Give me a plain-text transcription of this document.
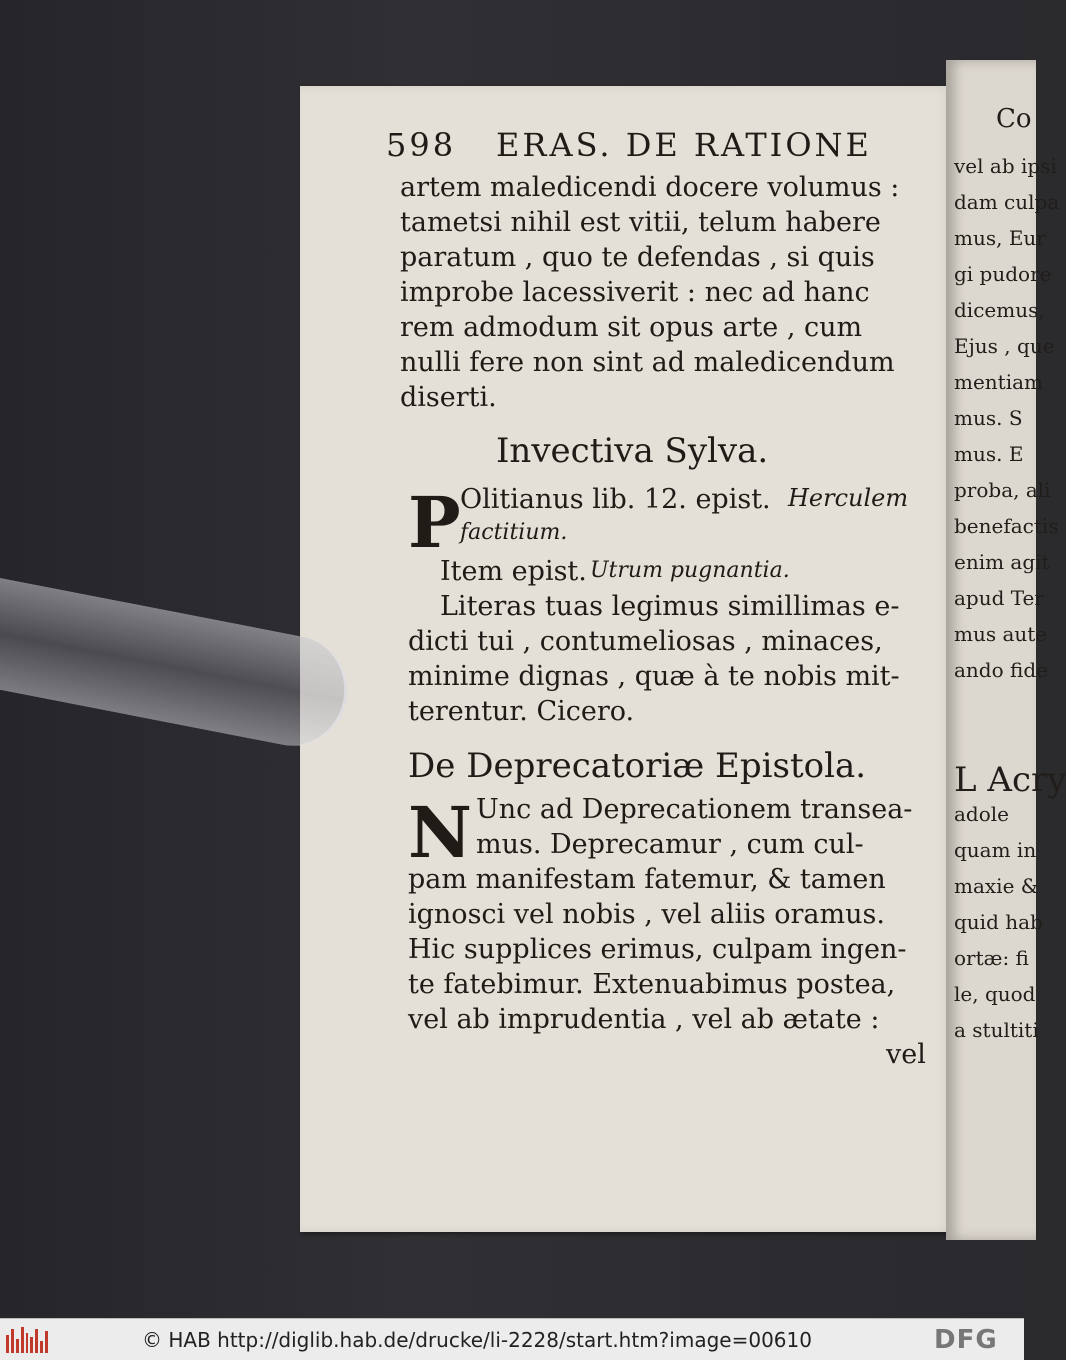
598 ERAS. DE RATIONE
artem maledicendi docere volumus :
tametsi nihil est vitii, telum habere
paratum , quo te defendas , si quis
improbe lacessiverit : nec ad hanc
rem admodum sit opus arte , cum
nulli fere non sint ad maledicendum
diserti.
Invectiva Sylva.
P Olitianus lib. 12. epist. Herculem
factitium.
Item epist. Utrum pugnantia.
Literas tuas legimus simillimas e-
dicti tui , contumeliosas , minaces,
minime dignas , quæ à te nobis mit-
terentur. Cicero.
De Deprecatoriæ Epistola.
N Unc ad Deprecationem transea-
mus. Deprecamur , cum cul-
pam manifestam fatemur, & tamen
ignosci vel nobis , vel aliis oramus.
Hic supplices erimus, culpam ingen-
te fatebimur. Extenuabimus postea,
vel ab imprudentia , vel ab ætate :
vel
Co
vel ab ipsi
dam culpa
mus, Eur
gi pudore
dicemus,
Ejus , que
mentiam
mus. S
mus. E
proba, ali
benefactis
enim agit
apud Ter
mus aute
ando fide
L Acry
adole
quam in
maxie &
quid hab
ortæ: fi
le, quod
a stultiti
© HAB http://diglib.hab.de/drucke/li-2228/start.htm?image=00610	DFG
